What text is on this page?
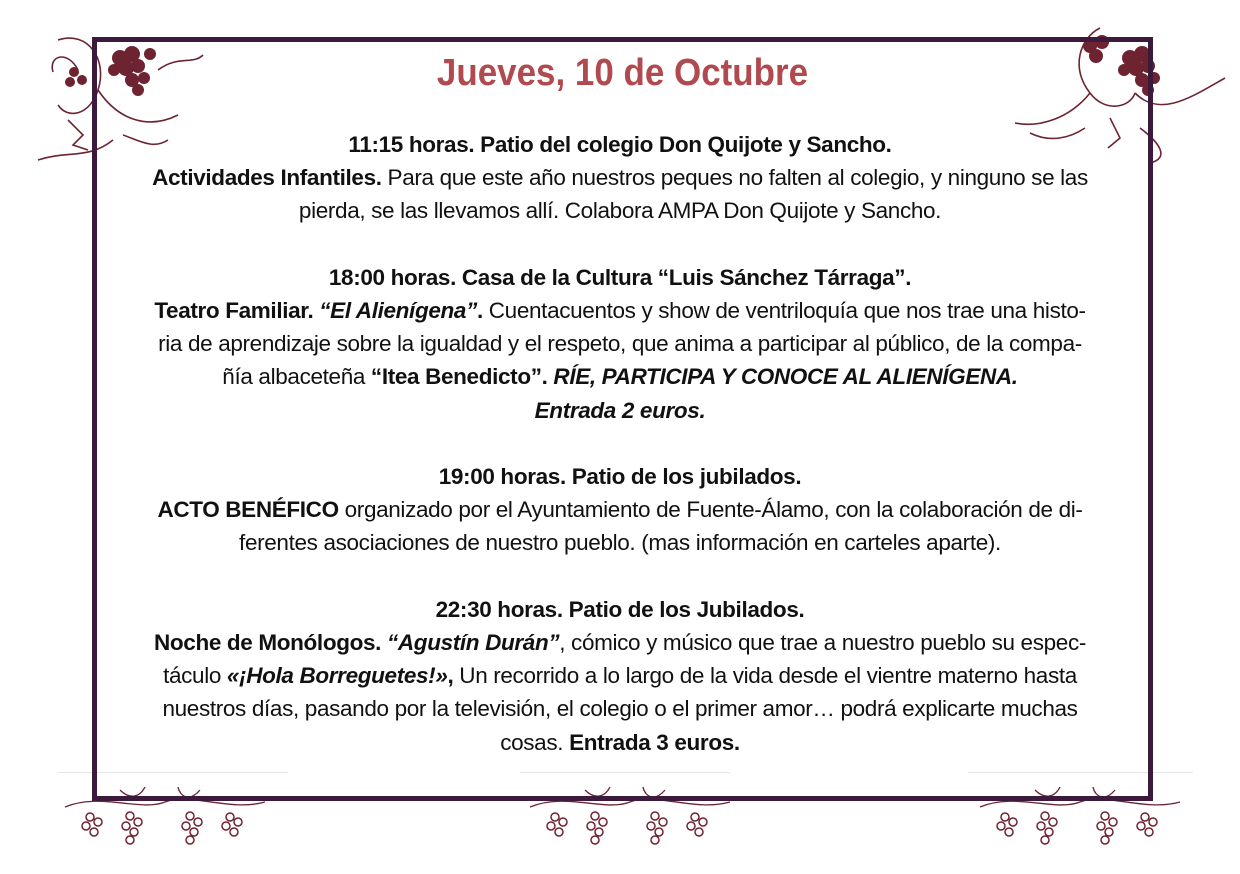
Jueves, 10 de Octubre

11:15 horas. Patio del colegio Don Quijote y Sancho.

Actividades Infantiles. Para que este año nuestros peques no falten al colegio, y ninguno se las

pierda, se las llevamos allí. Colabora AMPA Don Quijote y Sancho.

18:00 horas. Casa de la Cultura “Luis Sánchez Tárraga”.

Teatro Familiar. “El Alienígena”. Cuentacuentos y show de ventriloquía que nos trae una histo-

ria de aprendizaje sobre la igualdad y el respeto, que anima a participar al público, de la compa-

ñía albaceteña “Itea Benedicto”. RÍE, PARTICIPA Y CONOCE AL ALIENÍGENA.

Entrada 2 euros.

19:00 horas. Patio de los jubilados.

ACTO BENÉFICO organizado por el Ayuntamiento de Fuente-Álamo, con la colaboración de di-

ferentes asociaciones de nuestro pueblo. (mas información en carteles aparte).

22:30 horas. Patio de los Jubilados.

Noche de Monólogos. “Agustín Durán”, cómico y músico que trae a nuestro pueblo su espec-

táculo «¡Hola Borreguetes!», Un recorrido a lo largo de la vida desde el vientre materno hasta

nuestros días, pasando por la televisión, el colegio o el primer amor… podrá explicarte muchas

cosas. Entrada 3 euros.
